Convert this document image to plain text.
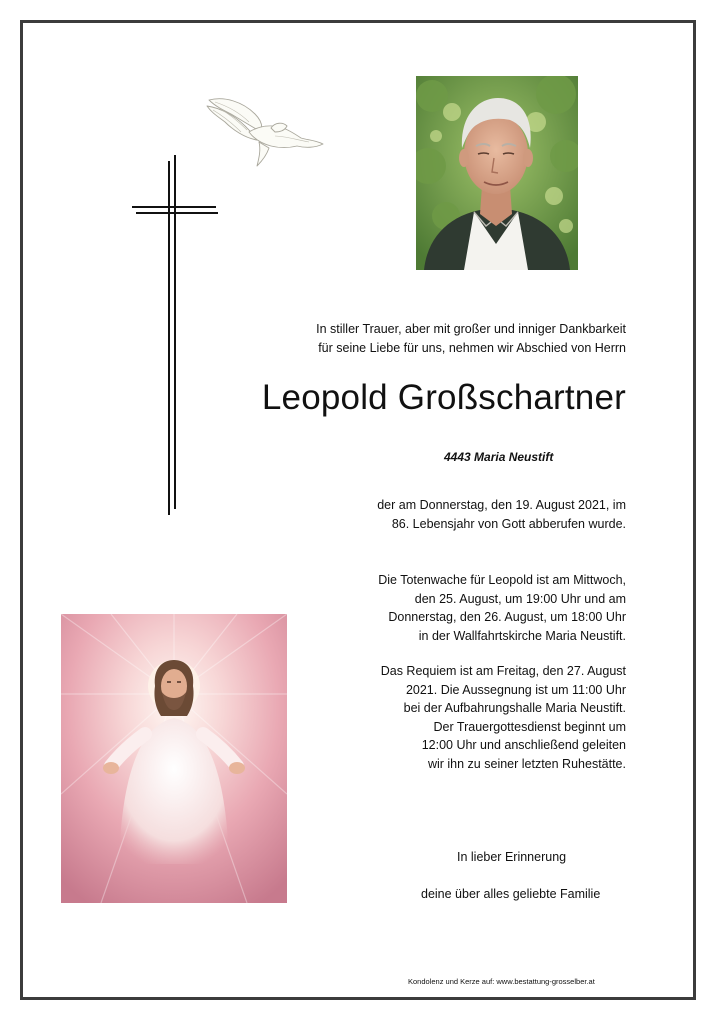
In stiller Trauer, aber mit großer und inniger Dankbarkeit
für seine Liebe für uns, nehmen wir Abschied von Herrn
Leopold Großschartner
4443 Maria Neustift
der am Donnerstag, den 19. August 2021, im
86. Lebensjahr von Gott abberufen wurde.
Die Totenwache für Leopold ist am Mittwoch,
den 25. August, um 19:00 Uhr und am
Donnerstag, den 26. August, um 18:00 Uhr
in der Wallfahrtskirche Maria Neustift.
Das Requiem ist am Freitag, den 27. August
2021. Die Aussegnung ist um 11:00 Uhr
bei der Aufbahrungshalle Maria Neustift.
Der Trauergottesdienst beginnt um
12:00 Uhr und anschließend geleiten
wir ihn zu seiner letzten Ruhestätte.
In lieber Erinnerung
deine über alles geliebte Familie
Kondolenz und Kerze auf: www.bestattung-grosselber.at
